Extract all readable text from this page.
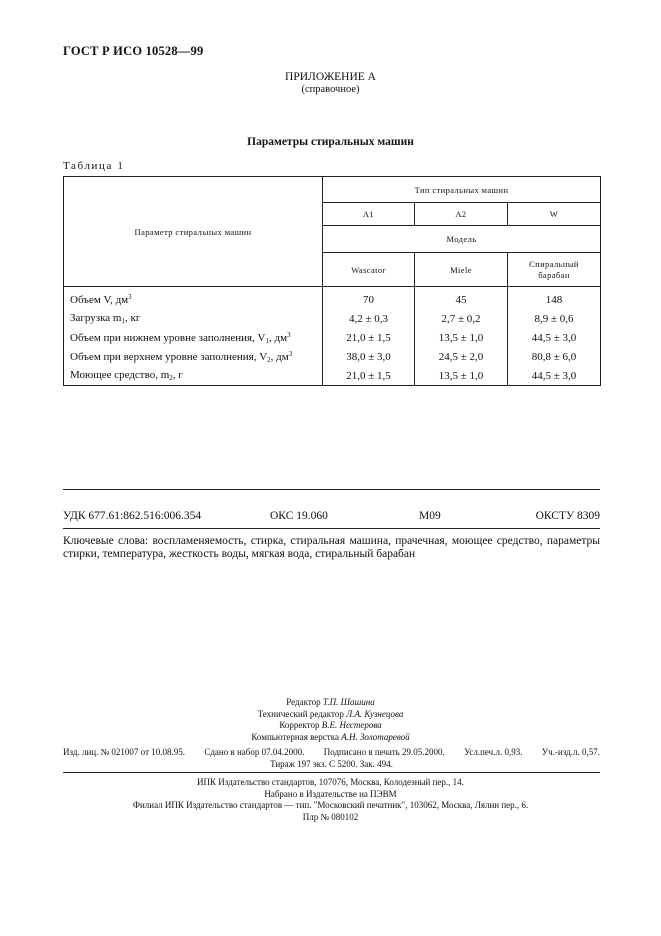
ГОСТ Р ИСО 10528—99
ПРИЛОЖЕНИЕ А
(справочное)
Параметры стиральных машин
Таблица 1
Параметр стиральных машин	Тип стиральных машин		
	A1	A2	W
	Модель		
	Wascator	Miele	Спиральный барабан
Объем V, $дм^3$	70	45	148
Загрузка $m_1$, кг	4,2 ± 0,3	2,7 ± 0,2	8,9 ± 0,6
Объем при нижнем уровне заполнения, $V_1$, $дм^3$	21,0 ± 1,5	13,5 ± 1,0	44,5 ± 3,0
Объем при верхнем уровне заполнения, $V_2$, $дм^3$	38,0 ± 3,0	24,5 ± 2,0	80,8 ± 6,0
Моющее средство, $m_2$, г	21,0 ± 1,5	13,5 ± 1,0	44,5 ± 3,0
УДК 677.61:862.516:006.354	ОКС 19.060	М09	ОКСТУ 8309
Ключевые слова: воспламеняемость, стирка, стиральная машина, прачечная, моющее средство, параметры стирки, температура, жесткость воды, мягкая вода, стиральный барабан
Редактор Т.П. Шашина
Технический редактор Л.А. Кузнецова
Корректор В.Е. Нестерова
Компьютерная верстка А.Н. Золотаревой
Изд. лиц. № 021007 от 10.08.95. Сдано в набор 07.04.2000. Подписано в печать 29.05.2000. Усл.печ.л. 0,93. Уч.-изд.л. 0,57.
Тираж 197 экз. С 5200. Зак. 494.
ИПК Издательство стандартов, 107076, Москва, Колодезный пер., 14.
Набрано в Издательстве на ПЭВМ
Филиал ИПК Издательство стандартов — тип. "Московский печатник", 103062, Москва, Лялин пер., 6.
Плр № 080102
